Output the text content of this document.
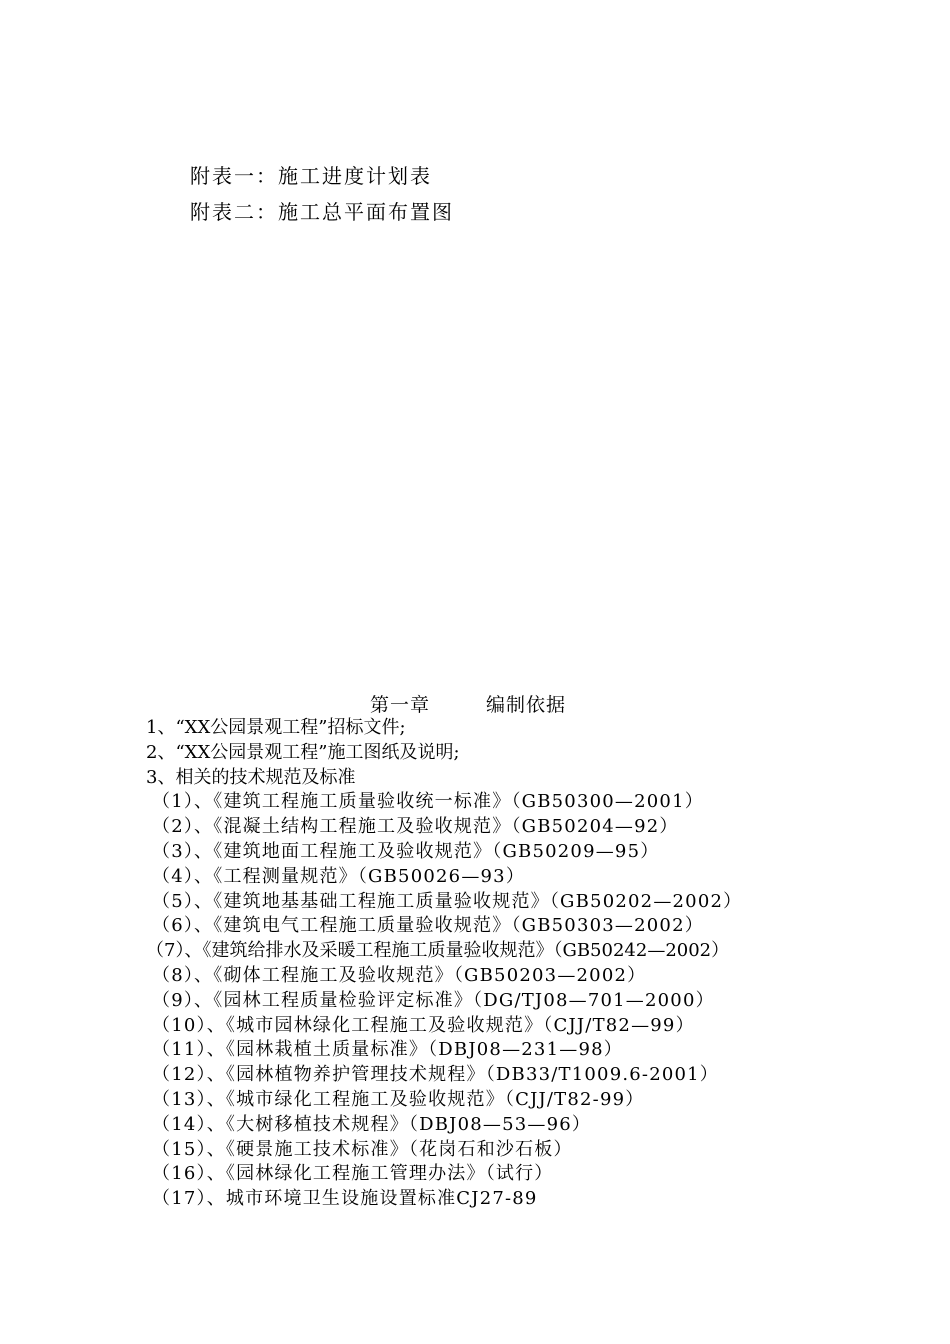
附表一：施工进度计划表
附表二：施工总平面布置图
第一章	编制依据
1、“XX公园景观工程”招标文件;
2、“XX公园景观工程”施工图纸及说明;
3、相关的技术规范及标准
（1）、《建筑工程施工质量验收统一标准》（GB50300—2001）
（2）、《混凝土结构工程施工及验收规范》（GB50204—92）
（3）、《建筑地面工程施工及验收规范》（GB50209—95）
（4）、《工程测量规范》（GB50026—93）
（5）、《建筑地基基础工程施工质量验收规范》（GB50202—2002）
（6）、《建筑电气工程施工质量验收规范》（GB50303—2002）
（7）、《建筑给排水及采暖工程施工质量验收规范》（GB50242—2002）
（8）、《砌体工程施工及验收规范》（GB50203—2002）
（9）、《园林工程质量检验评定标准》（DG/TJ08—701—2000）
（10）、《城市园林绿化工程施工及验收规范》（CJJ/T82—99）
（11）、《园林栽植土质量标准》（DBJ08—231—98）
（12）、《园林植物养护管理技术规程》（DB33/T1009.6-2001）
（13）、《城市绿化工程施工及验收规范》（CJJ/T82-99）
（14）、《大树移植技术规程》（DBJ08—53—96）
（15）、《硬景施工技术标准》（花岗石和沙石板）
（16）、《园林绿化工程施工管理办法》（试行）
（17）、城市环境卫生设施设置标准CJ27-89
